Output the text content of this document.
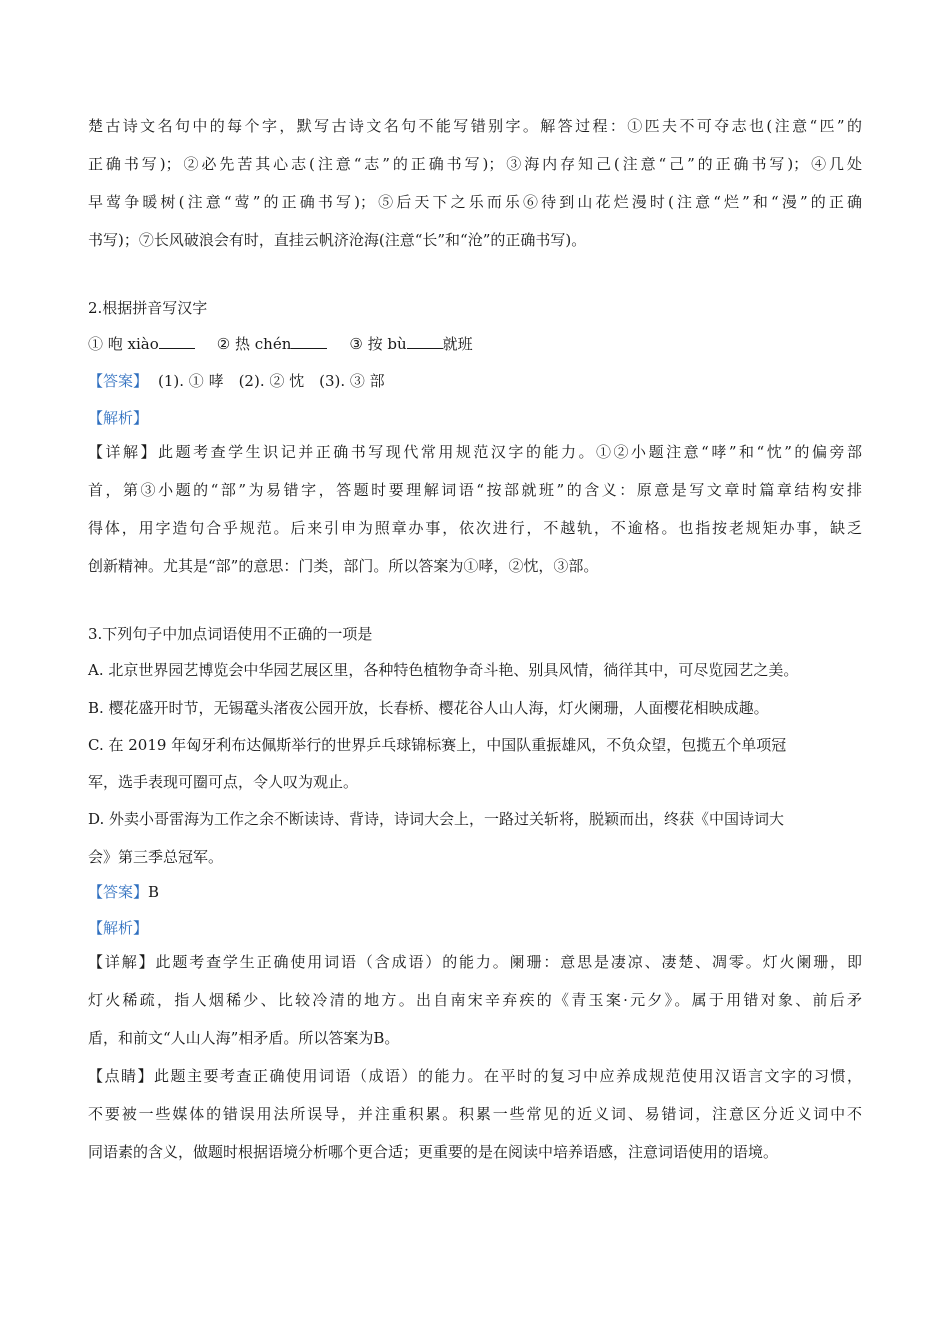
楚古诗文名句中的每个字，默写古诗文名句不能写错别字。解答过程：①匹夫不可夺志也(注意“匹”的
正确书写)；②必先苦其心志(注意“志”的正确书写)；③海内存知己(注意“己”的正确书写)；④几处
早莺争暖树(注意“莺”的正确书写)；⑤后天下之乐而乐⑥待到山花烂漫时(注意“烂”和“漫”的正确
书写)；⑦长风破浪会有时，直挂云帆济沧海(注意“长”和“沧”的正确书写)。
2.根据拼音写汉字
① 咆 xiào	② 热 chén	③ 按 bù 就班
【答案】 (1). ① 哮　(2). ② 忱　(3). ③ 部
【解析】
【详解】此题考查学生识记并正确书写现代常用规范汉字的能力。①②小题注意“哮”和“忱”的偏旁部
首，第③小题的“部”为易错字，答题时要理解词语“按部就班”的含义：原意是写文章时篇章结构安排
得体，用字造句合乎规范。后来引申为照章办事，依次进行，不越轨，不逾格。也指按老规矩办事，缺乏
创新精神。尤其是“部”的意思：门类，部门。所以答案为①哮，②忱，③部。
3.下列句子中加点词语使用不正确的一项是
A. 北京世界园艺博览会中华园艺展区里，各种特色植物争奇斗艳、别具风情，徜徉其中，可尽览园艺之美。
B. 樱花盛开时节，无锡鼋头渚夜公园开放，长春桥、樱花谷人山人海，灯火阑珊，人面樱花相映成趣。
C. 在 2019 年匈牙利布达佩斯举行的世界乒乓球锦标赛上，中国队重振雄风，不负众望，包揽五个单项冠
军，选手表现可圈可点，令人叹为观止。
D. 外卖小哥雷海为工作之余不断读诗、背诗，诗词大会上，一路过关斩将，脱颖而出，终获《中国诗词大
会》第三季总冠军。
【答案】B
【解析】
【详解】此题考查学生正确使用词语（含成语）的能力。阑珊：意思是凄凉、凄楚、凋零。灯火阑珊，即
灯火稀疏，指人烟稀少、比较冷清的地方。出自南宋辛弃疾的《青玉案·元夕》。属于用错对象、前后矛
盾，和前文“人山人海”相矛盾。所以答案为B。
【点睛】此题主要考查正确使用词语（成语）的能力。在平时的复习中应养成规范使用汉语言文字的习惯，
不要被一些媒体的错误用法所误导，并注重积累。积累一些常见的近义词、易错词，注意区分近义词中不
同语素的含义，做题时根据语境分析哪个更合适；更重要的是在阅读中培养语感，注意词语使用的语境。
